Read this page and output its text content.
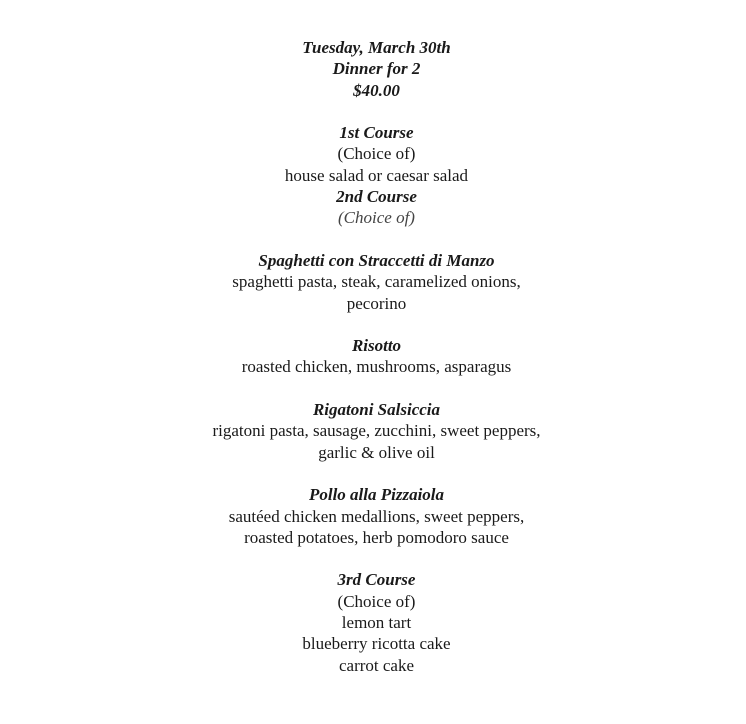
Tuesday, March 30th
Dinner for 2
$40.00
1st Course
(Choice of)
house salad or caesar salad
2nd Course
(Choice of)
Spaghetti con Straccetti di Manzo
spaghetti pasta, steak, caramelized onions,
pecorino
Risotto
roasted chicken, mushrooms, asparagus
Rigatoni Salsiccia
rigatoni pasta, sausage, zucchini, sweet peppers,
garlic & olive oil
Pollo alla Pizzaiola
sautéed chicken medallions, sweet peppers,
roasted potatoes, herb pomodoro sauce
3rd Course
(Choice of)
lemon tart
blueberry ricotta cake
carrot cake
